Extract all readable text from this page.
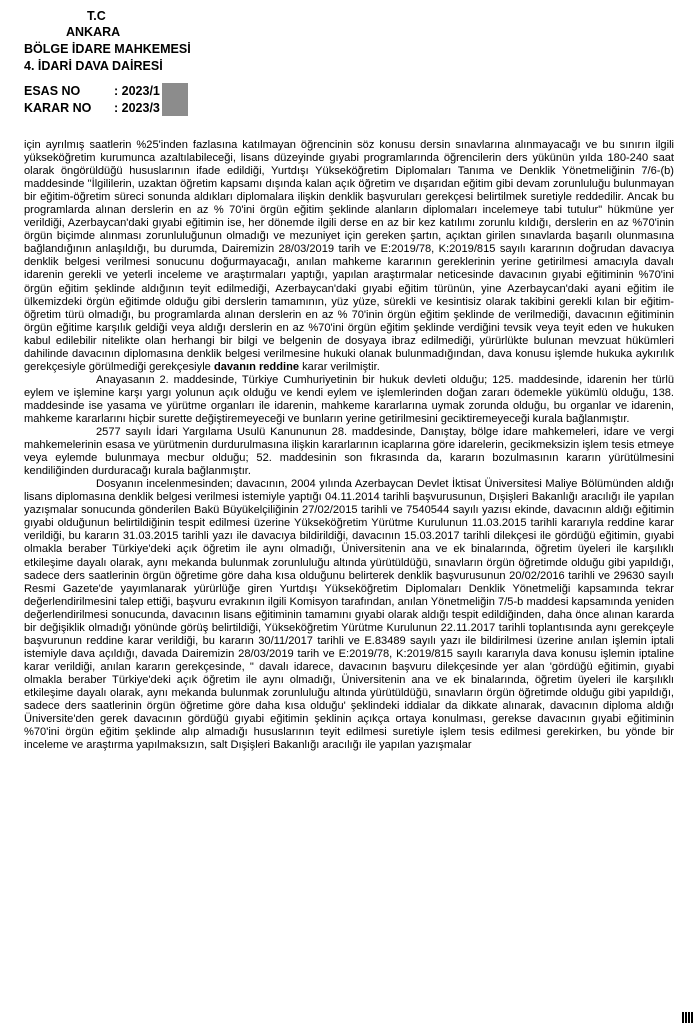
T.C
ANKARA
BÖLGE İDARE MAHKEMESİ
4. İDARİ DAVA DAİRESİ
ESAS NO	: 2023/1
KARAR NO : 2023/3

için ayrılmış saatlerin %25'inden fazlasına katılmayan öğrencinin söz konusu dersin sınavlarına alınmayacağı ve bu sınırın ilgili yükseköğretim kurumunca azaltılabileceği, lisans düzeyinde gıyabi programlarında öğrencilerin ders yükünün yılda 180-240 saat olarak öngörüldüğü hususlarının ifade edildiği, Yurtdışı Yükseköğretim Diplomaları Tanıma ve Denklik Yönetmeliğinin 7/6-(b) maddesinde "İlgililerin, uzaktan öğretim kapsamı dışında kalan açık öğretim ve dışarıdan eğitim gibi devam zorunluluğu bulunmayan bir eğitim-öğretim süreci sonunda aldıkları diplomalara ilişkin denklik başvuruları gerekçesi belirtilmek suretiyle reddedilir. Ancak bu programlarda alınan derslerin en az % 70'ini örgün eğitim şeklinde alanların diplomaları incelemeye tabi tutulur" hükmüne yer verildiği, Azerbaycan'daki gıyabi eğitimin ise, her dönemde ilgili derse en az bir kez katılımı zorunlu kıldığı, derslerin en az %70'inin örgün biçimde alınması zorunluluğunun olmadığı ve mezuniyet için gereken şartın, açıktan girilen sınavlarda başarılı olunmasına bağlandığının anlaşıldığı, bu durumda, Dairemizin 28/03/2019 tarih ve E:2019/78, K:2019/815 sayılı kararının doğrudan davacıya denklik belgesi verilmesi sonucunu doğurmayacağı, anılan mahkeme kararının gereklerinin yerine getirilmesi amacıyla davalı idarenin gerekli ve yeterli inceleme ve araştırmaları yaptığı, yapılan araştırmalar neticesinde davacının gıyabi eğitiminin %70'ini örgün eğitim şeklinde aldığının teyit edilmediği, Azerbaycan'daki gıyabi eğitim türünün, yine Azerbaycan'daki ayani eğitim ile ülkemizdeki örgün eğitimde olduğu gibi derslerin tamamının, yüz yüze, sürekli ve kesintisiz olarak takibini gerekli kılan bir eğitim-öğretim türü olmadığı, bu programlarda alınan derslerin en az % 70'inin örgün eğitim şeklinde de verilmediği, davacının eğitiminin örgün eğitime karşılık geldiği veya aldığı derslerin en az %70'ini örgün eğitim şeklinde verdiğini tevsik veya teyit eden ve hukuken kabul edilebilir nitelikte olan herhangi bir bilgi ve belgenin de dosyaya ibraz edilmediği, yürürlükte bulunan mevzuat hükümleri dahilinde davacının diplomasına denklik belgesi verilmesine hukuki olanak bulunmadığından, dava konusu işlemde hukuka aykırılık gerekçesiyle görülmediği gerekçesiyle davanın reddine karar verilmiştir.

Anayasanın 2. maddesinde, Türkiye Cumhuriyetinin bir hukuk devleti olduğu; 125. maddesinde, idarenin her türlü eylem ve işlemine karşı yargı yolunun açık olduğu ve kendi eylem ve işlemlerinden doğan zararı ödemekle yükümlü olduğu, 138. maddesinde ise yasama ve yürütme organları ile idarenin, mahkeme kararlarına uymak zorunda olduğu, bu organlar ve idarenin, mahkeme kararlarını hiçbir surette değiştiremeyeceği ve bunların yerine getirilmesini geciktiremeyeceği kurala bağlanmıştır.

2577 sayılı İdari Yargılama Usulü Kanununun 28. maddesinde, Danıştay, bölge idare mahkemeleri, idare ve vergi mahkemelerinin esasa ve yürütmenin durdurulmasına ilişkin kararlarının icaplarına göre idarelerin, gecikmeksizin işlem tesis etmeye veya eylemde bulunmaya mecbur olduğu; 52. maddesinin son fıkrasında da, kararın bozulmasının kararın yürütülmesini kendiliğinden durduracağı kurala bağlanmıştır.

Dosyanın incelenmesinden; davacının, 2004 yılında Azerbaycan Devlet İktisat Üniversitesi Maliye Bölümünden aldığı lisans diplomasına denklik belgesi verilmesi istemiyle yaptığı 04.11.2014 tarihli başvurusunun, Dışişleri Bakanlığı aracılığı ile yapılan yazışmalar sonucunda gönderilen Bakü Büyükelçiliğinin 27/02/2015 tarihli ve 7540544 sayılı yazısı ekinde, davacının aldığı eğitimin gıyabi olduğunun belirtildiğinin tespit edilmesi üzerine Yükseköğretim Yürütme Kurulunun 11.03.2015 tarihli kararıyla reddine karar verildiği, bu kararın 31.03.2015 tarihli yazı ile davacıya bildirildiği, davacının 15.03.2017 tarihli dilekçesi ile gördüğü eğitimin, gıyabi olmakla beraber Türkiye'deki açık öğretim ile aynı olmadığı, Üniversitenin ana ve ek binalarında, öğretim üyeleri ile karşılıklı etkileşime dayalı olarak, aynı mekanda bulunmak zorunluluğu altında yürütüldüğü, sınavların örgün öğretimde olduğu gibi yapıldığı, sadece ders saatlerinin örgün öğretime göre daha kısa olduğunu belirterek denklik başvurusunun 20/02/2016 tarihli ve 29630 sayılı Resmi Gazete'de yayımlanarak yürürlüğe giren Yurtdışı Yükseköğretim Diplomaları Denklik Yönetmeliği kapsamında tekrar değerlendirilmesini talep ettiği, başvuru evrakının ilgili Komisyon tarafından, anılan Yönetmeliğin 7/5-b maddesi kapsamında yeniden değerlendirilmesi sonucunda, davacının lisans eğitiminin tamamını gıyabi olarak aldığı tespit edildiğinden, daha önce alınan kararda bir değişiklik olmadığı yönünde görüş belirtildiği, Yükseköğretim Yürütme Kurulunun 22.11.2017 tarihli toplantısında aynı gerekçeyle başvurunun reddine karar verildiği, bu kararın 30/11/2017 tarihli ve E.83489 sayılı yazı ile bildirilmesi üzerine anılan işlemin iptali istemiyle dava açıldığı, davada Dairemizin 28/03/2019 tarih ve E:2019/78, K:2019/815 sayılı kararıyla dava konusu işlemin iptaline karar verildiği, anılan kararın gerekçesinde, " davalı idarece, davacının başvuru dilekçesinde yer alan 'gördüğü eğitimin, gıyabi olmakla beraber Türkiye'deki açık öğretim ile aynı olmadığı, Üniversitenin ana ve ek binalarında, öğretim üyeleri ile karşılıklı etkileşime dayalı olarak, aynı mekanda bulunmak zorunluluğu altında yürütüldüğü, sınavların örgün öğretimde olduğu gibi yapıldığı, sadece ders saatlerinin örgün öğretime göre daha kısa olduğu' şeklindeki iddialar da dikkate alınarak, davacının diploma aldığı Üniversite'den gerek davacının gördüğü gıyabi eğitimin şeklinin açıkça ortaya konulması, gerekse davacının gıyabi eğitiminin %70'ini örgün eğitim şeklinde alıp almadığı hususlarının teyit edilmesi suretiyle işlem tesis edilmesi gerekirken, bu yönde bir inceleme ve araştırma yapılmaksızın, salt Dışişleri Bakanlığı aracılığı ile yapılan yazışmalar
